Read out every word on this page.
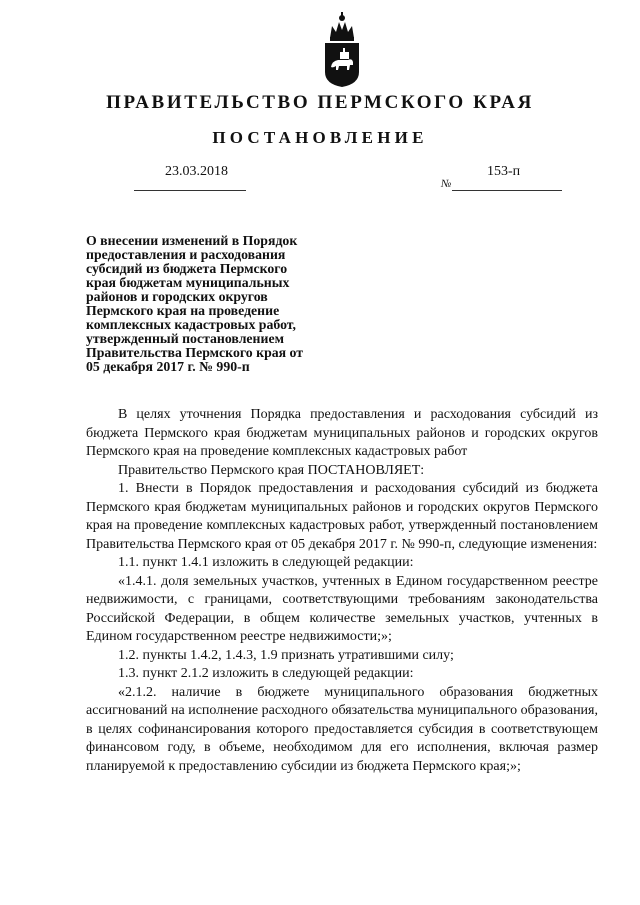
ПРАВИТЕЛЬСТВО ПЕРМСКОГО КРАЯ
ПОСТАНОВЛЕНИЕ
23.03.2018	153-п
№
О внесении изменений в Порядок предоставления и расходования субсидий из бюджета Пермского края бюджетам муниципальных районов и городских округов Пермского края на проведение комплексных кадастровых работ, утвержденный постановлением Правительства Пермского края от 05 декабря 2017 г. № 990-п

В целях уточнения Порядка предоставления и расходования субсидий из бюджета Пермского края бюджетам муниципальных районов и городских округов Пермского края на проведение комплексных кадастровых работ

Правительство Пермского края ПОСТАНОВЛЯЕТ:

1. Внести в Порядок предоставления и расходования субсидий из бюджета Пермского края бюджетам муниципальных районов и городских округов Пермского края на проведение комплексных кадастровых работ, утвержденный постановлением Правительства Пермского края от 05 декабря 2017 г. № 990-п, следующие изменения:

1.1. пункт 1.4.1 изложить в следующей редакции:

«1.4.1. доля земельных участков, учтенных в Едином государственном реестре недвижимости, с границами, соответствующими требованиям законодательства Российской Федерации, в общем количестве земельных участков, учтенных в Едином государственном реестре недвижимости;»;

1.2. пункты 1.4.2, 1.4.3, 1.9 признать утратившими силу;

1.3. пункт 2.1.2 изложить в следующей редакции:

«2.1.2. наличие в бюджете муниципального образования бюджетных ассигнований на исполнение расходного обязательства муниципального образования, в целях софинансирования которого предоставляется субсидия в соответствующем финансовом году, в объеме, необходимом для его исполнения, включая размер планируемой к предоставлению субсидии из бюджета Пермского края;»;
